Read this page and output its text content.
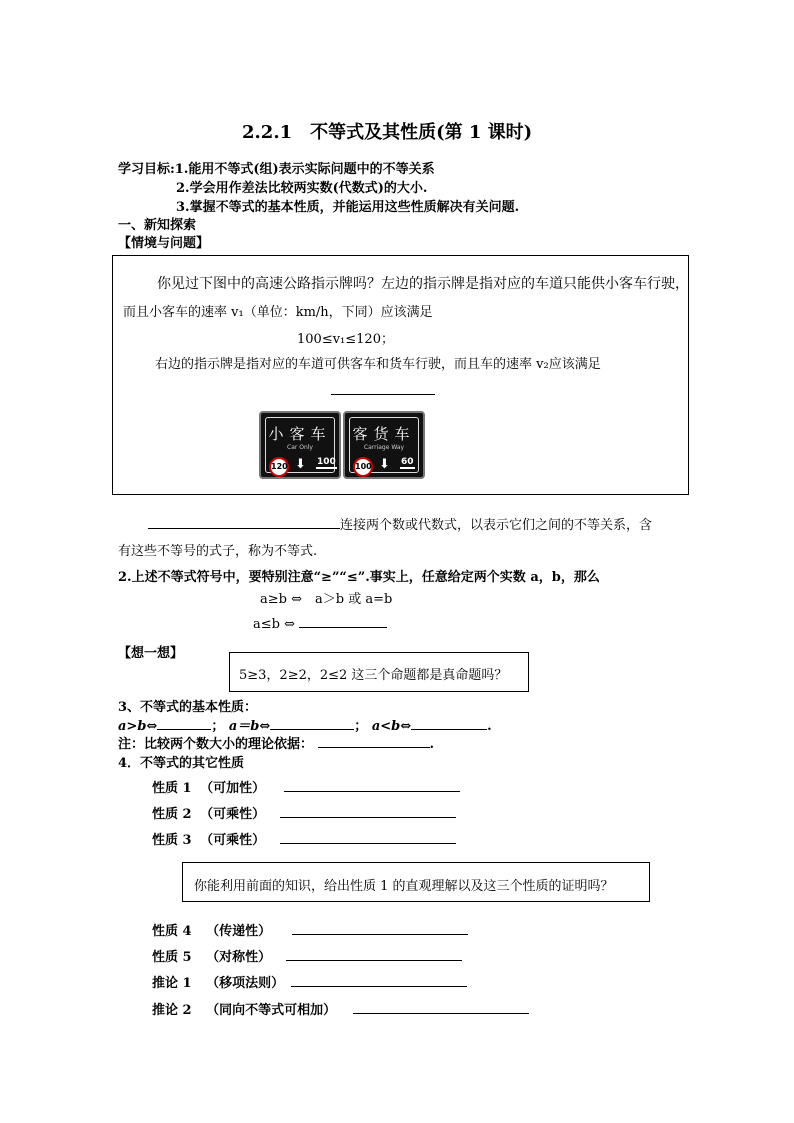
2.2.1　不等式及其性质(第 1 课时)
学习目标:1.能用不等式(组)表示实际问题中的不等关系
2.学会用作差法比较两实数(代数式)的大小.
3.掌握不等式的基本性质，并能运用这些性质解决有关问题.
一、新知探索
【情境与问题】
你见过下图中的高速公路指示牌吗？左边的指示牌是指对应的车道只能供小客车行驶，
而且小客车的速率 v₁（单位：km/h，下同）应该满足
100≤v₁≤120；
右边的指示牌是指对应的车道可供客车和货车行驶，而且车的速率 v₂应该满足
小客车
Car Only
120 ⬇ 100
客货车
Carriage Way
100 ⬇ 60
连接两个数或代数式，以表示它们之间的不等关系，含
有这些不等号的式子，称为不等式.
2.上述不等式符号中，要特别注意“≥”“≤”.事实上，任意给定两个实数 a，b，那么
a≥b ⇔　a＞b 或 a=b
a≤b ⇔
【想一想】
5≥3，2≥2，2≤2 这三个命题都是真命题吗？
3、不等式的基本性质：
a>b⇔	； a＝b⇔	； a<b⇔	.
注：比较两个数大小的理论依据：	.
4．不等式的其它性质
性质 1 （可加性）
性质 2 （可乘性）
性质 3 （可乘性）
你能利用前面的知识，给出性质 1 的直观理解以及这三个性质的证明吗？
性质 4 （传递性）
性质 5 （对称性）
推论 1 （移项法则）
推论 2 （同向不等式可相加）
